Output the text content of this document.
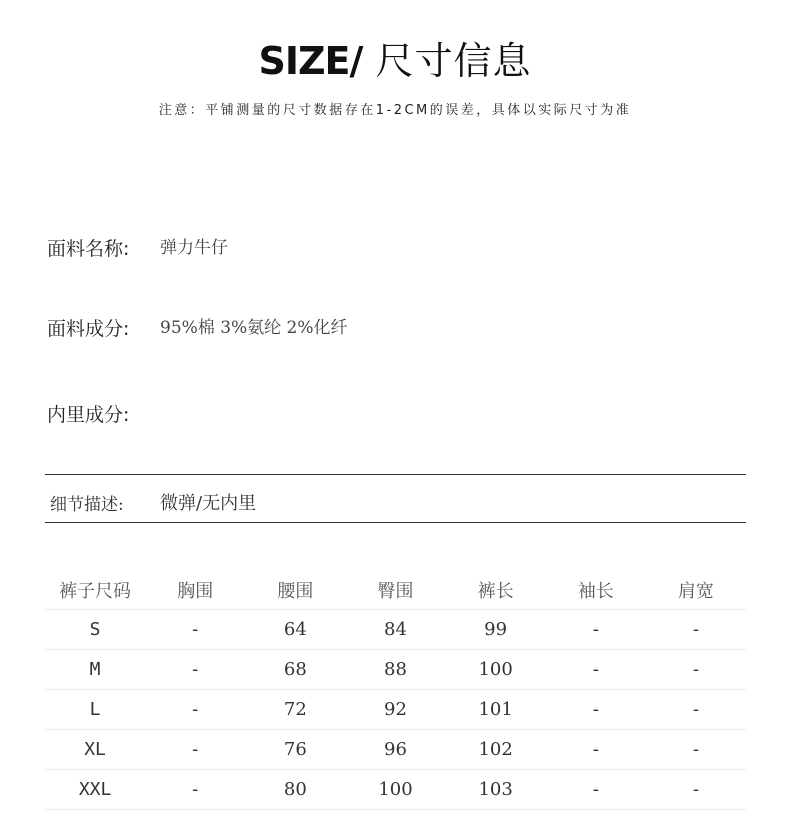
SIZE/ 尺寸信息
注意：平铺测量的尺寸数据存在1-2CM的误差，具体以实际尺寸为准
面料名称: 弹力牛仔
面料成分: 95%棉 3%氨纶 2%化纤
内里成分:
细节描述: 微弹/无内里
裤子尺码	胸围	腰围	臀围	裤长	袖长	肩宽
S	-	64	84	99	-	-
M	-	68	88	100	-	-
L	-	72	92	101	-	-
XL	-	76	96	102	-	-
XXL	-	80	100	103	-	-
